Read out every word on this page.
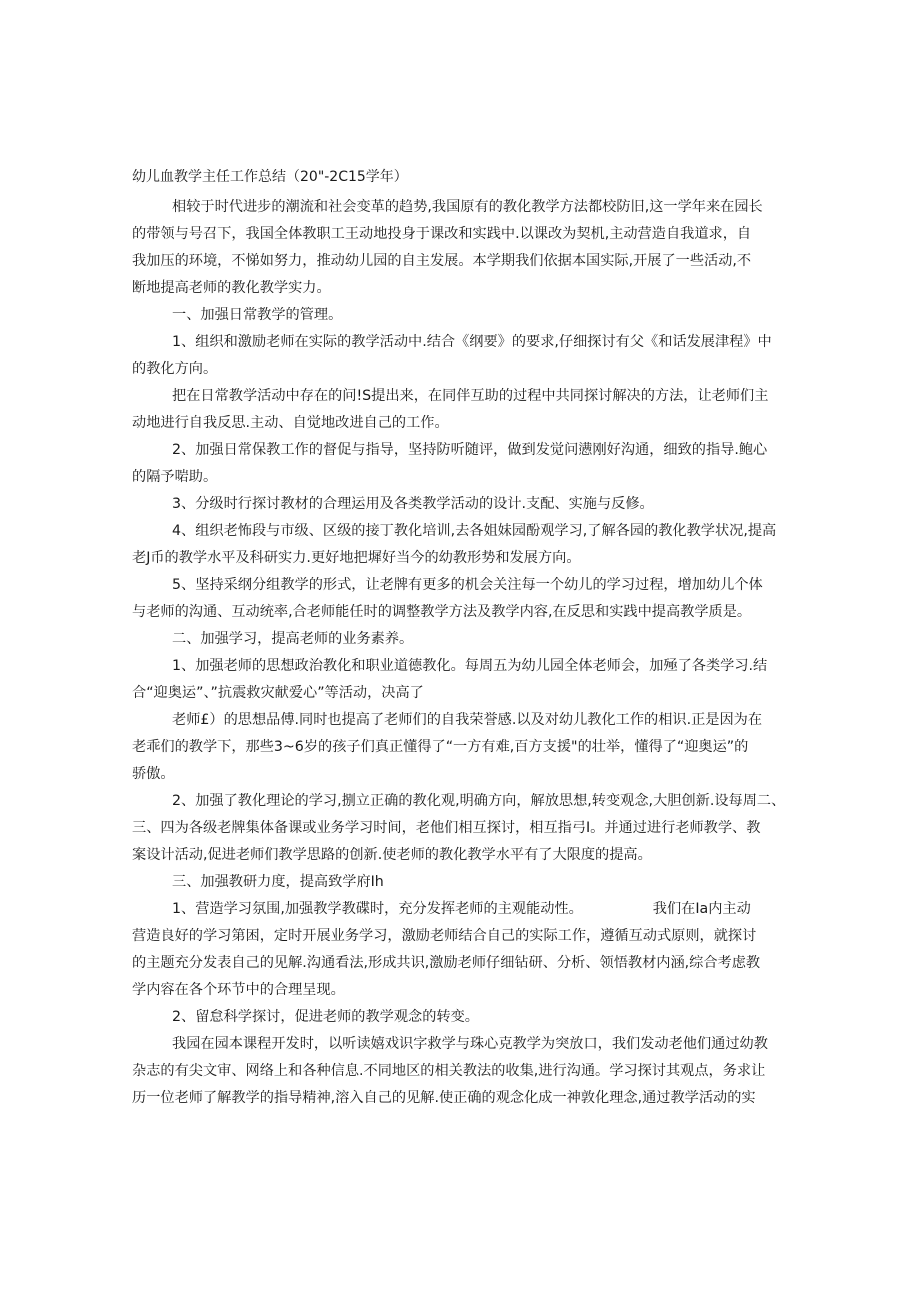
幼儿血教学主任工作总结（20"-2C15学年）
相较于时代进步的潮流和社会变革的趋势,我国原有的教化教学方法都校防旧,这一学年来在园长
的带领与号召下，我国全体教职工王动地投身于课改和实践中.以课改为契机,主动营造自我道求，自
我加压的环境，不悌如努力，推动幼儿园的自主发展。本学期我们依据本国实际,开展了一些活动,不
断地提高老师的教化教学实力。
一、加强日常教学的管理。
1、组织和激励老师在实际的教学活动中.结合《纲要》的要求,仔细探讨有父《和话发展津程》中
的教化方向。
把在日常教学活动中存在的问!S提出来，在同伴互助的过程中共同探讨解决的方法，让老师们主
动地进行自我反思.主动、自觉地改进自己的工作。
2、加强日常保教工作的督促与指导，坚持防听随评，做到发觉问懑刚好沟通，细致的指导.鲍心
的隔予啱助。
3、分级时行探讨教材的合理运用及各类教学活动的设计.支配、实施与反修。
4、组织老怖段与市级、区级的接丁教化培训,去各姐妹园酚观学习,了解各园的教化教学状况,提高
老J币的教学水平及科研实力.更好地把墀好当今的幼教形势和发展方向。
5、坚持采纲分组教学的形式，让老牌有更多的机会关注每一个幼儿的学习过程，增加幼儿个体
与老师的沟通、互动统率,合老师能任时的调整教学方法及教学内容,在反思和实践中提高教学质是。
二、加强学习，提高老师的业务素养。
1、加强老师的思想政治教化和职业道德教化。每周五为幼儿园全体老师会，加殛了各类学习.结
合“迎奥运”、”抗震救灾献爱心”等活动，决高了
老师£）的思想品傅.同时也提高了老师们的自我荣誉感.以及对幼儿教化工作的相识.正是因为在
老乖们的教学下，那些3~6岁的孩子们真正懂得了“一方有难,百方支援"的壮举，懂得了“迎奥运”的
骄傲。
2、加强了教化理论的学习,捌立正确的教化观,明确方向，解放思想,转变观念,大胆创新.设每周二、
三、四为各级老牌集体备课或业务学习时间，老他们相互探讨，相互指弓I。并通过进行老师教学、教
案设计活动,促进老师们教学思路的创新.使老师的教化教学水平有了大限度的提高。
三、加强教研力度，提高致学府Ih
1、营造学习氛围,加强教学教碟时，充分发挥老师的主观能动性。	我们在Ia内主动
营造良好的学习第困，定时开展业务学习，激励老师结合自己的实际工作，遵循互动式原则，就探讨
的主题充分发表自己的见解.沟通看法,形成共识,激励老师仔细钻研、分析、领悟教材内涵,综合考虑教
学内容在各个环节中的合理呈现。
2、留怠科学探讨，促进老师的教学观念的转变。
我园在园本课程开发时，以听读嬉戏识字救学与珠心克教学为突放口，我们发动老他们通过幼教
杂志的有尖文审、网络上和各种信息.不同地区的相关教法的收集,进行沟通。学习探讨其观点，务求让
历一位老师了解教学的指导精神,溶入自己的见解.使正确的观念化成一神敦化理念,通过教学活动的实
